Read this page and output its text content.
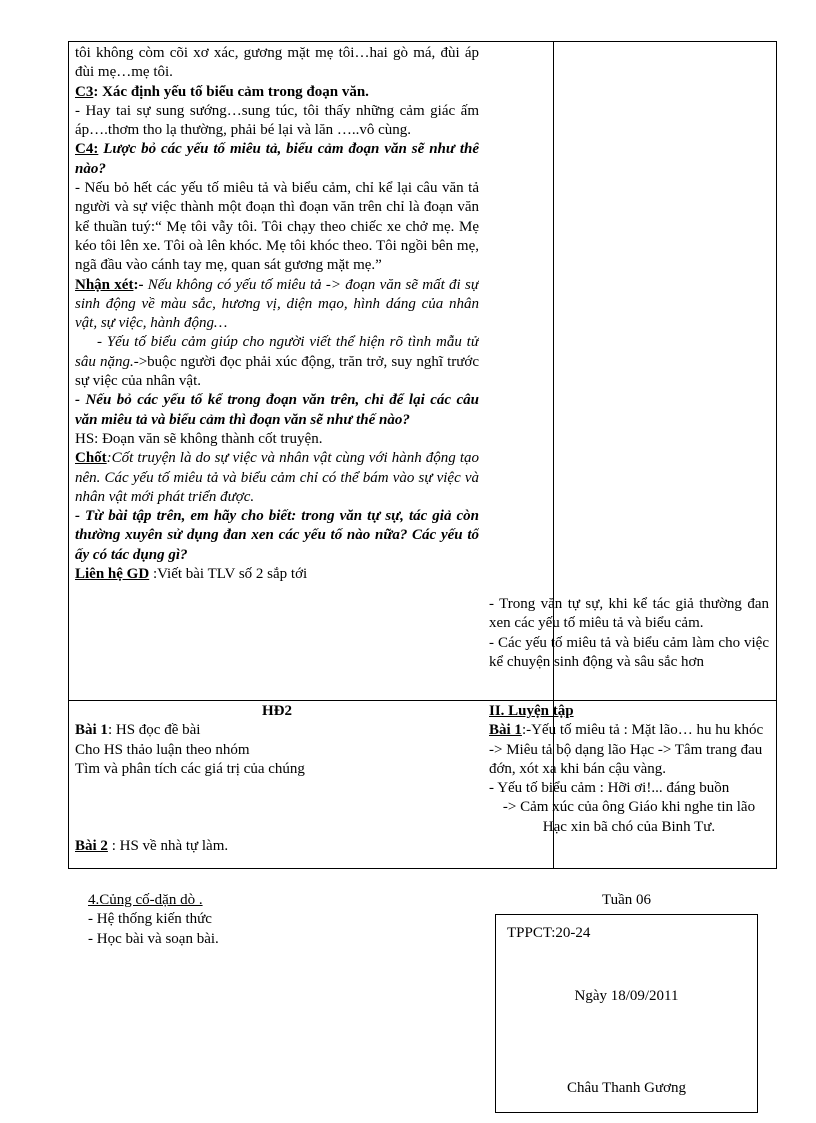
tôi không còm cõi xơ xác, gương mặt mẹ tôi…hai gò má, đùi áp đùi mẹ…mẹ tôi.

C3: Xác định yếu tố biểu cảm trong đoạn văn.

- Hay tai sự sung sướng…sung túc, tôi thấy những cảm giác ấm áp….thơm tho lạ thường, phải bé lại và lăn …..vô cùng.

C4: Lược bỏ các yếu tố miêu tả, biểu cảm đoạn văn sẽ như thế nào?

- Nếu bỏ hết các yếu tố miêu tả và biểu cảm, chỉ kể lại câu văn tả người và sự việc thành một đoạn thì đoạn văn trên chỉ là đoạn văn kể thuần tuý:“ Mẹ tôi vẫy tôi. Tôi chạy theo chiếc xe chở mẹ. Mẹ kéo tôi lên xe. Tôi oà lên khóc. Mẹ tôi khóc theo. Tôi ngồi bên mẹ, ngã đầu vào cánh tay mẹ, quan sát gương mặt mẹ.”

Nhận xét:- Nếu không có yếu tố miêu tả -> đoạn văn sẽ mất đi sự sinh động về màu sắc, hương vị, diện mạo, hình dáng của nhân vật, sự việc, hành động…

- Yếu tố biểu cảm giúp cho người viết thể hiện rõ tình mẫu tử sâu nặng.->buộc người đọc phải xúc động, trăn trở, suy nghĩ trước sự việc của nhân vật.

- Nếu bỏ các yếu tố kể trong đoạn văn trên, chỉ để lại các câu văn miêu tả và biểu cảm thì đoạn văn sẽ như thế nào?

HS: Đoạn văn sẽ không thành cốt truyện.

Chốt:Cốt truyện là do sự việc và nhân vật cùng với hành động tạo nên. Các yếu tố miêu tả và biểu cảm chỉ có thể bám vào sự việc và nhân vật mới phát triển được.

- Từ bài tập trên, em hãy cho biết: trong văn tự sự, tác giả còn thường xuyên sử dụng đan xen các yếu tố nào nữa? Các yếu tố ấy có tác dụng gì?

Liên hệ GD :Viết bài TLV số 2 sắp tới

- Trong văn tự sự, khi kể tác giả thường đan xen các yếu tố miêu tả và biểu cảm.

- Các yếu tố miêu tả và biểu cảm làm cho việc kể chuyện sinh động và sâu sắc hơn

HĐ2

Bài 1: HS đọc đề bài

Cho HS thảo luận theo nhóm

Tìm và phân tích các giá trị của chúng

Bài 2 : HS về nhà tự làm.

II. Luyện tập

Bài 1:-Yếu tố miêu tả : Mặt lão… hu hu khóc

-> Miêu tả bộ dạng lão Hạc -> Tâm trang đau đớn, xót xa khi bán cậu vàng.

- Yếu tố biểu cảm : Hỡi ơi!... đáng buồn

-> Cảm xúc của ông Giáo khi nghe tin lão Hạc xin bã chó của Binh Tư.

4.Củng cố-dặn dò .

- Hệ thống kiến thức

- Học bài và soạn bài.

Tuần 06
TPPCT:20-24
Ngày 18/09/2011
Châu Thanh Gương
